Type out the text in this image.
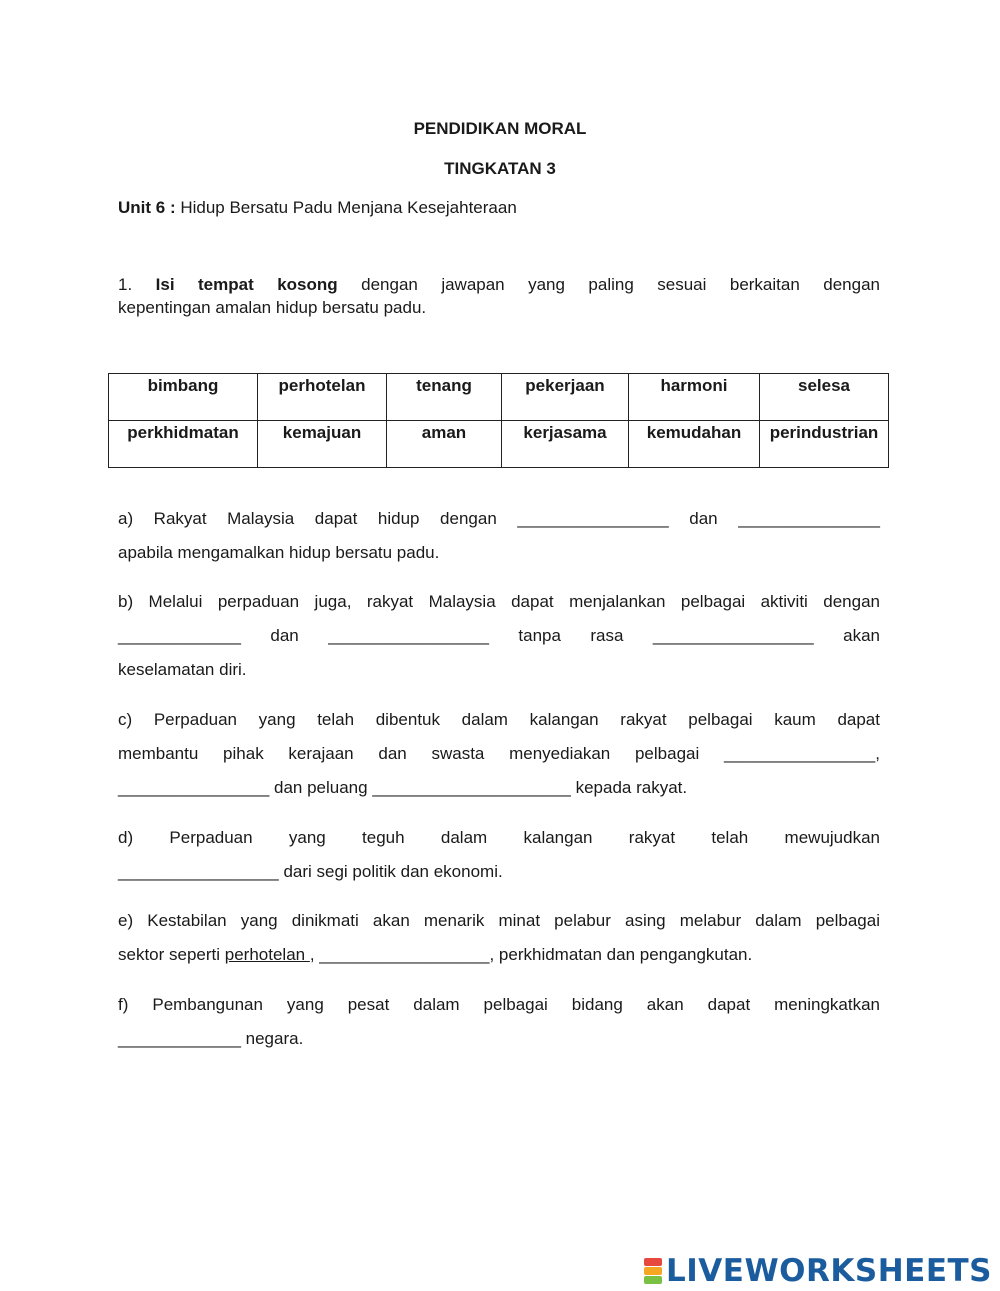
PENDIDIKAN MORAL
TINGKATAN 3
Unit 6 : Hidup Bersatu Padu Menjana Kesejahteraan
1. Isi tempat kosong dengan jawapan yang paling sesuai berkaitan dengan
kepentingan amalan hidup bersatu padu.
bimbang	perhotelan	tenang	pekerjaan	harmoni	selesa
perkhidmatan	kemajuan	aman	kerjasama	kemudahan	perindustrian
a) Rakyat Malaysia dapat hidup dengan ________________ dan _______________
apabila mengamalkan hidup bersatu padu.
b) Melalui perpaduan juga, rakyat Malaysia dapat menjalankan pelbagai aktiviti dengan
_____________ dan _________________ tanpa rasa _________________ akan
keselamatan diri.
c) Perpaduan yang telah dibentuk dalam kalangan rakyat pelbagai kaum dapat
membantu pihak kerajaan dan swasta menyediakan pelbagai ________________,
________________ dan peluang _____________________ kepada rakyat.
d) Perpaduan yang teguh dalam kalangan rakyat telah mewujudkan
_________________ dari segi politik dan ekonomi.
e) Kestabilan yang dinikmati akan menarik minat pelabur asing melabur dalam pelbagai
sektor seperti perhotelan , __________________, perkhidmatan dan pengangkutan.
f) Pembangunan yang pesat dalam pelbagai bidang akan dapat meningkatkan
_____________ negara.
LIVEWORKSHEETS
